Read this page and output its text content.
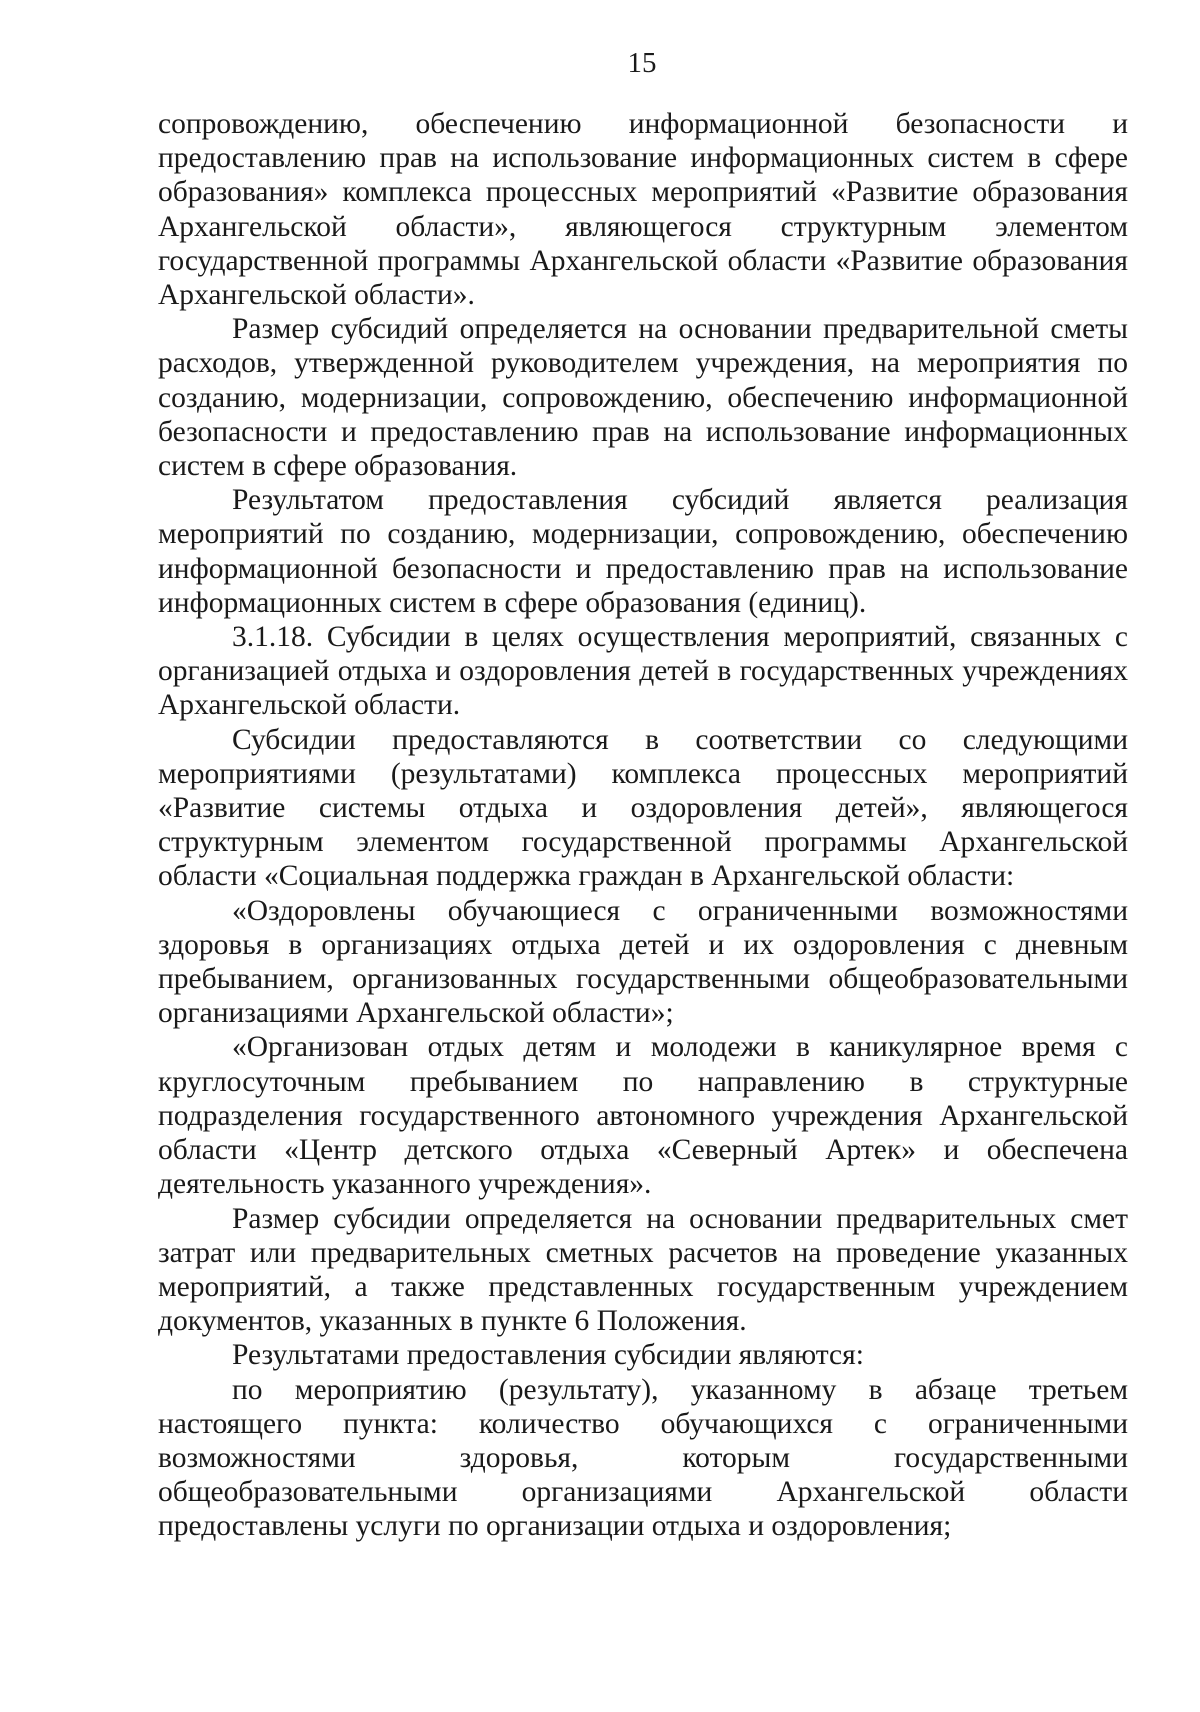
15

сопровождению, обеспечению информационной безопасности и предоставлению прав на использование информационных систем в сфере образования» комплекса процессных мероприятий «Развитие образования Архангельской области», являющегося структурным элементом государственной программы Архангельской области «Развитие образования Архангельской области».

Размер субсидий определяется на основании предварительной сметы расходов, утвержденной руководителем учреждения, на мероприятия по созданию, модернизации, сопровождению, обеспечению информационной безопасности и предоставлению прав на использование информационных систем в сфере образования.

Результатом предоставления субсидий является реализация мероприятий по созданию, модернизации, сопровождению, обеспечению информационной безопасности и предоставлению прав на использование информационных систем в сфере образования (единиц).

3.1.18. Субсидии в целях осуществления мероприятий, связанных с организацией отдыха и оздоровления детей в государственных учреждениях Архангельской области.

Субсидии предоставляются в соответствии со следующими мероприятиями (результатами) комплекса процессных мероприятий «Развитие системы отдыха и оздоровления детей», являющегося структурным элементом государственной программы Архангельской области «Социальная поддержка граждан в Архангельской области:

«Оздоровлены обучающиеся с ограниченными возможностями здоровья в организациях отдыха детей и их оздоровления с дневным пребыванием, организованных государственными общеобразовательными организациями Архангельской области»;

«Организован отдых детям и молодежи в каникулярное время с круглосуточным пребыванием по направлению в структурные подразделения государственного автономного учреждения Архангельской области «Центр детского отдыха «Северный Артек» и обеспечена деятельность указанного учреждения».

Размер субсидии определяется на основании предварительных смет затрат или предварительных сметных расчетов на проведение указанных мероприятий, а также представленных государственным учреждением документов, указанных в пункте 6 Положения.

Результатами предоставления субсидии являются:

по мероприятию (результату), указанному в абзаце третьем настоящего пункта: количество обучающихся с ограниченными возможностями здоровья, которым государственными общеобразовательными организациями Архангельской области предоставлены услуги по организации отдыха и оздоровления;
